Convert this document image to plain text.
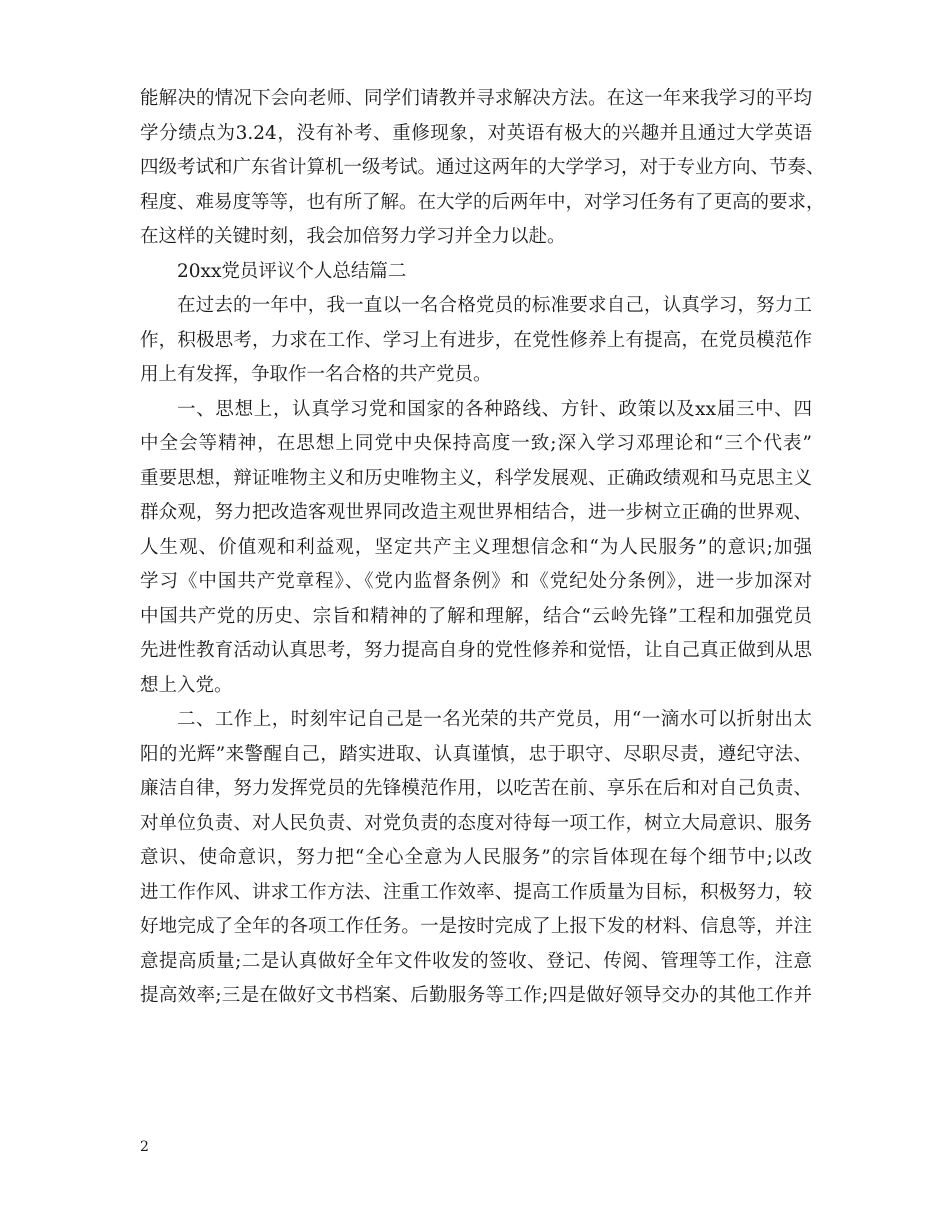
能解决的情况下会向老师、同学们请教并寻求解决方法。在这一年来我学习的平均
学分绩点为3.24，没有补考、重修现象，对英语有极大的兴趣并且通过大学英语
四级考试和广东省计算机一级考试。通过这两年的大学学习，对于专业方向、节奏、
程度、难易度等等，也有所了解。在大学的后两年中，对学习任务有了更高的要求，
在这样的关键时刻，我会加倍努力学习并全力以赴。
20xx党员评议个人总结篇二
在过去的一年中，我一直以一名合格党员的标准要求自己，认真学习，努力工
作，积极思考，力求在工作、学习上有进步，在党性修养上有提高，在党员模范作
用上有发挥，争取作一名合格的共产党员。
一、思想上，认真学习党和国家的各种路线、方针、政策以及xx届三中、四
中全会等精神，在思想上同党中央保持高度一致;深入学习邓理论和“三个代表”
重要思想，辩证唯物主义和历史唯物主义，科学发展观、正确政绩观和马克思主义
群众观，努力把改造客观世界同改造主观世界相结合，进一步树立正确的世界观、
人生观、价值观和利益观，坚定共产主义理想信念和“为人民服务”的意识;加强
学习《中国共产党章程》、《党内监督条例》和《党纪处分条例》，进一步加深对
中国共产党的历史、宗旨和精神的了解和理解，结合“云岭先锋”工程和加强党员
先进性教育活动认真思考，努力提高自身的党性修养和觉悟，让自己真正做到从思
想上入党。
二、工作上，时刻牢记自己是一名光荣的共产党员，用“一滴水可以折射出太
阳的光辉”来警醒自己，踏实进取、认真谨慎，忠于职守、尽职尽责，遵纪守法、
廉洁自律，努力发挥党员的先锋模范作用，以吃苦在前、享乐在后和对自己负责、
对单位负责、对人民负责、对党负责的态度对待每一项工作，树立大局意识、服务
意识、使命意识，努力把“全心全意为人民服务”的宗旨体现在每个细节中;以改
进工作作风、讲求工作方法、注重工作效率、提高工作质量为目标，积极努力，较
好地完成了全年的各项工作任务。一是按时完成了上报下发的材料、信息等，并注
意提高质量;二是认真做好全年文件收发的签收、登记、传阅、管理等工作，注意
提高效率;三是在做好文书档案、后勤服务等工作;四是做好领导交办的其他工作并
2
